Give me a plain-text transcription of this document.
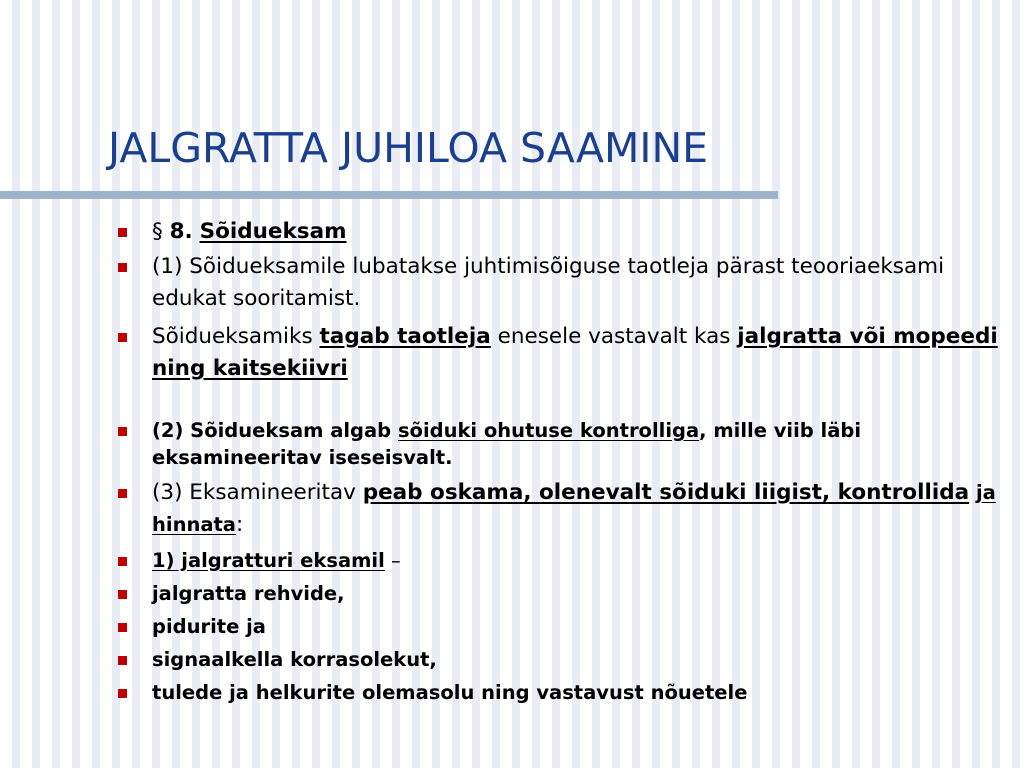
JALGRATTA JUHILOA SAAMINE
§ 8. Sõidueksam
(1) Sõidueksamile lubatakse juhtimisõiguse taotleja pärast teooriaeksami edukat sooritamist.
Sõidueksamiks tagab taotleja enesele vastavalt kas jalgratta või mopeedi ning kaitsekiivri
(2) Sõidueksam algab sõiduki ohutuse kontrolliga, mille viib läbi eksamineeritav iseseisvalt.
(3) Eksamineeritav peab oskama, olenevalt sõiduki liigist, kontrollida ja hinnata:
1) jalgratturi eksamil –
jalgratta rehvide,
pidurite ja
signaalkella korrasolekut,
tulede ja helkurite olemasolu ning vastavust nõuetele
